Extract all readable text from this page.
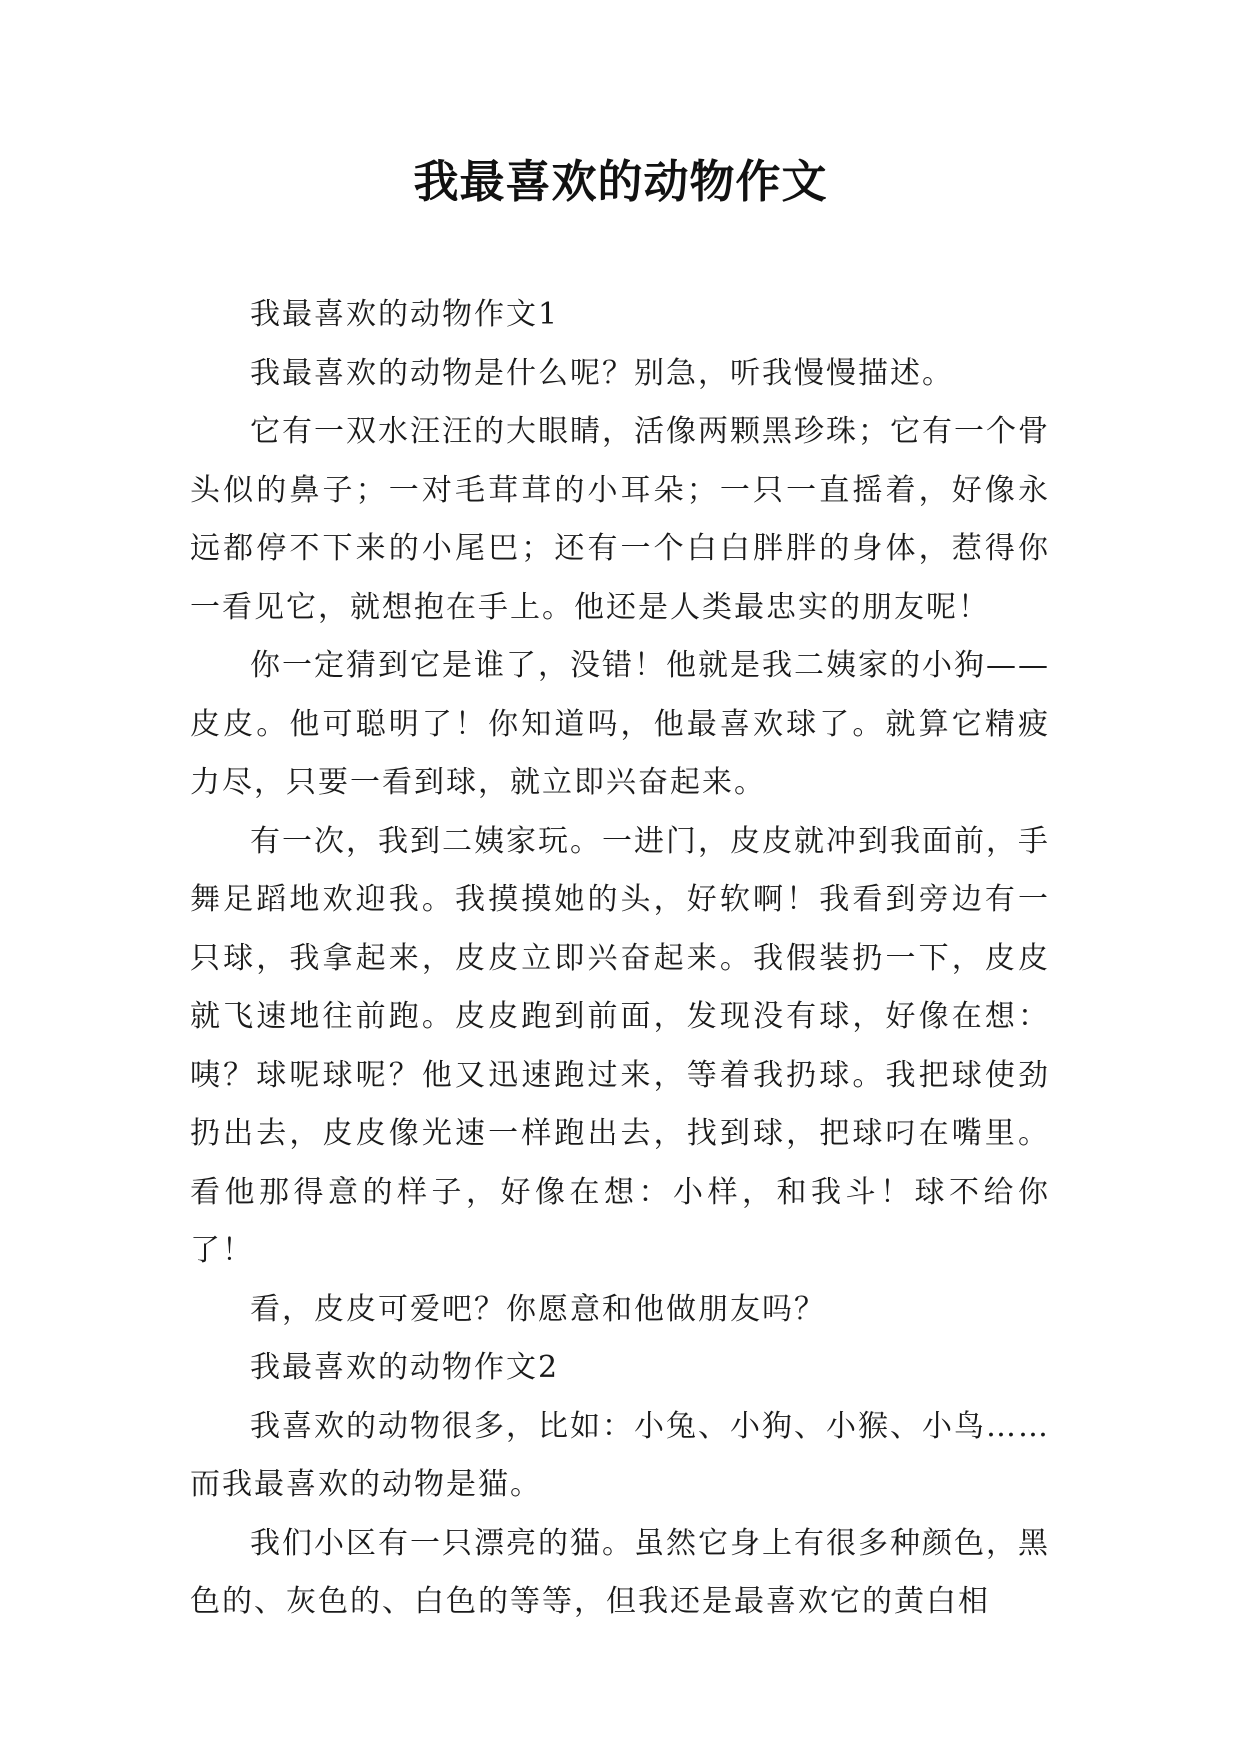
我最喜欢的动物作文

我最喜欢的动物作文1

我最喜欢的动物是什么呢？别急，听我慢慢描述。

它有一双水汪汪的大眼睛，活像两颗黑珍珠；它有一个骨头似的鼻子；一对毛茸茸的小耳朵；一只一直摇着，好像永远都停不下来的小尾巴；还有一个白白胖胖的身体，惹得你一看见它，就想抱在手上。他还是人类最忠实的朋友呢！

你一定猜到它是谁了，没错！他就是我二姨家的小狗——皮皮。他可聪明了！你知道吗，他最喜欢球了。就算它精疲力尽，只要一看到球，就立即兴奋起来。

有一次，我到二姨家玩。一进门，皮皮就冲到我面前，手舞足蹈地欢迎我。我摸摸她的头，好软啊！我看到旁边有一只球，我拿起来，皮皮立即兴奋起来。我假装扔一下，皮皮就飞速地往前跑。皮皮跑到前面，发现没有球，好像在想：咦？球呢球呢？他又迅速跑过来，等着我扔球。我把球使劲扔出去，皮皮像光速一样跑出去，找到球，把球叼在嘴里。看他那得意的样子，好像在想：小样，和我斗！球不给你了！

看，皮皮可爱吧？你愿意和他做朋友吗？

我最喜欢的动物作文2

我喜欢的动物很多，比如：小兔、小狗、小猴、小鸟……而我最喜欢的动物是猫。

我们小区有一只漂亮的猫。虽然它身上有很多种颜色，黑色的、灰色的、白色的等等，但我还是最喜欢它的黄白相
